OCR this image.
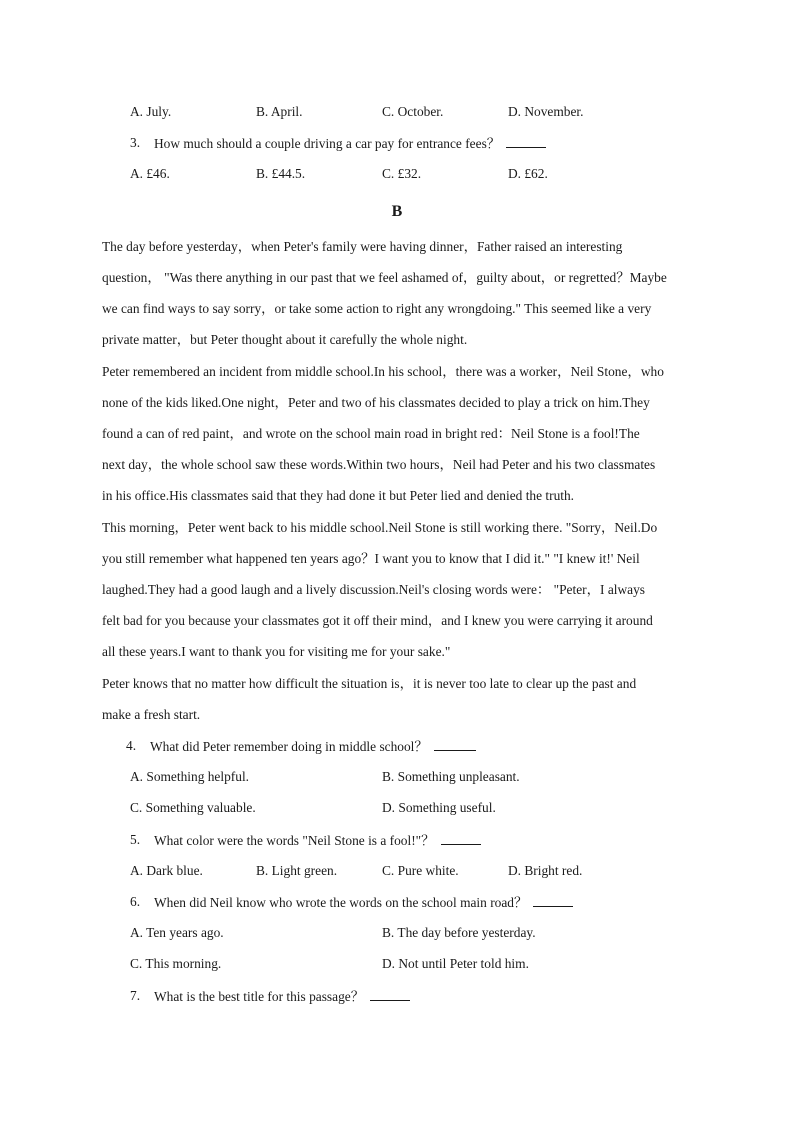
A. July.	B. April.	C. October.	D. November.
3. How much should a couple driving a car pay for entrance fees？
A. £46.	B. £44.5.	C. £32.	D. £62.
B
The day before yesterday，when Peter's family were having dinner，Father raised an interesting
question， "Was there anything in our past that we feel ashamed of，guilty about，or regretted？Maybe
we can find ways to say sorry，or take some action to right any wrongdoing." This seemed like a very
private matter，but Peter thought about it carefully the whole night.
Peter remembered an incident from middle school.In his school，there was a worker，Neil Stone，who
none of the kids liked.One night，Peter and two of his classmates decided to play a trick on him.They
found a can of red paint，and wrote on the school main road in bright red：Neil Stone is a fool!The
next day，the whole school saw these words.Within two hours，Neil had Peter and his two classmates
in his office.His classmates said that they had done it but Peter lied and denied the truth.
This morning，Peter went back to his middle school.Neil Stone is still working there. "Sorry，Neil.Do
you still remember what happened ten years ago？I want you to know that I did it." "I knew it!' Neil
laughed.They had a good laugh and a lively discussion.Neil's closing words were： "Peter，I always
felt bad for you because your classmates got it off their mind，and I knew you were carrying it around
all these years.I want to thank you for visiting me for your sake."
Peter knows that no matter how difficult the situation is，it is never too late to clear up the past and
make a fresh start.
4. What did Peter remember doing in middle school？
A. Something helpful.	B. Something unpleasant.
C. Something valuable.	D. Something useful.
5. What color were the words "Neil Stone is a fool!"？
A. Dark blue.	B. Light green.	C. Pure white.	D. Bright red.
6. When did Neil know who wrote the words on the school main road？
A. Ten years ago.	B. The day before yesterday.
C. This morning.	D. Not until Peter told him.
7. What is the best title for this passage？
